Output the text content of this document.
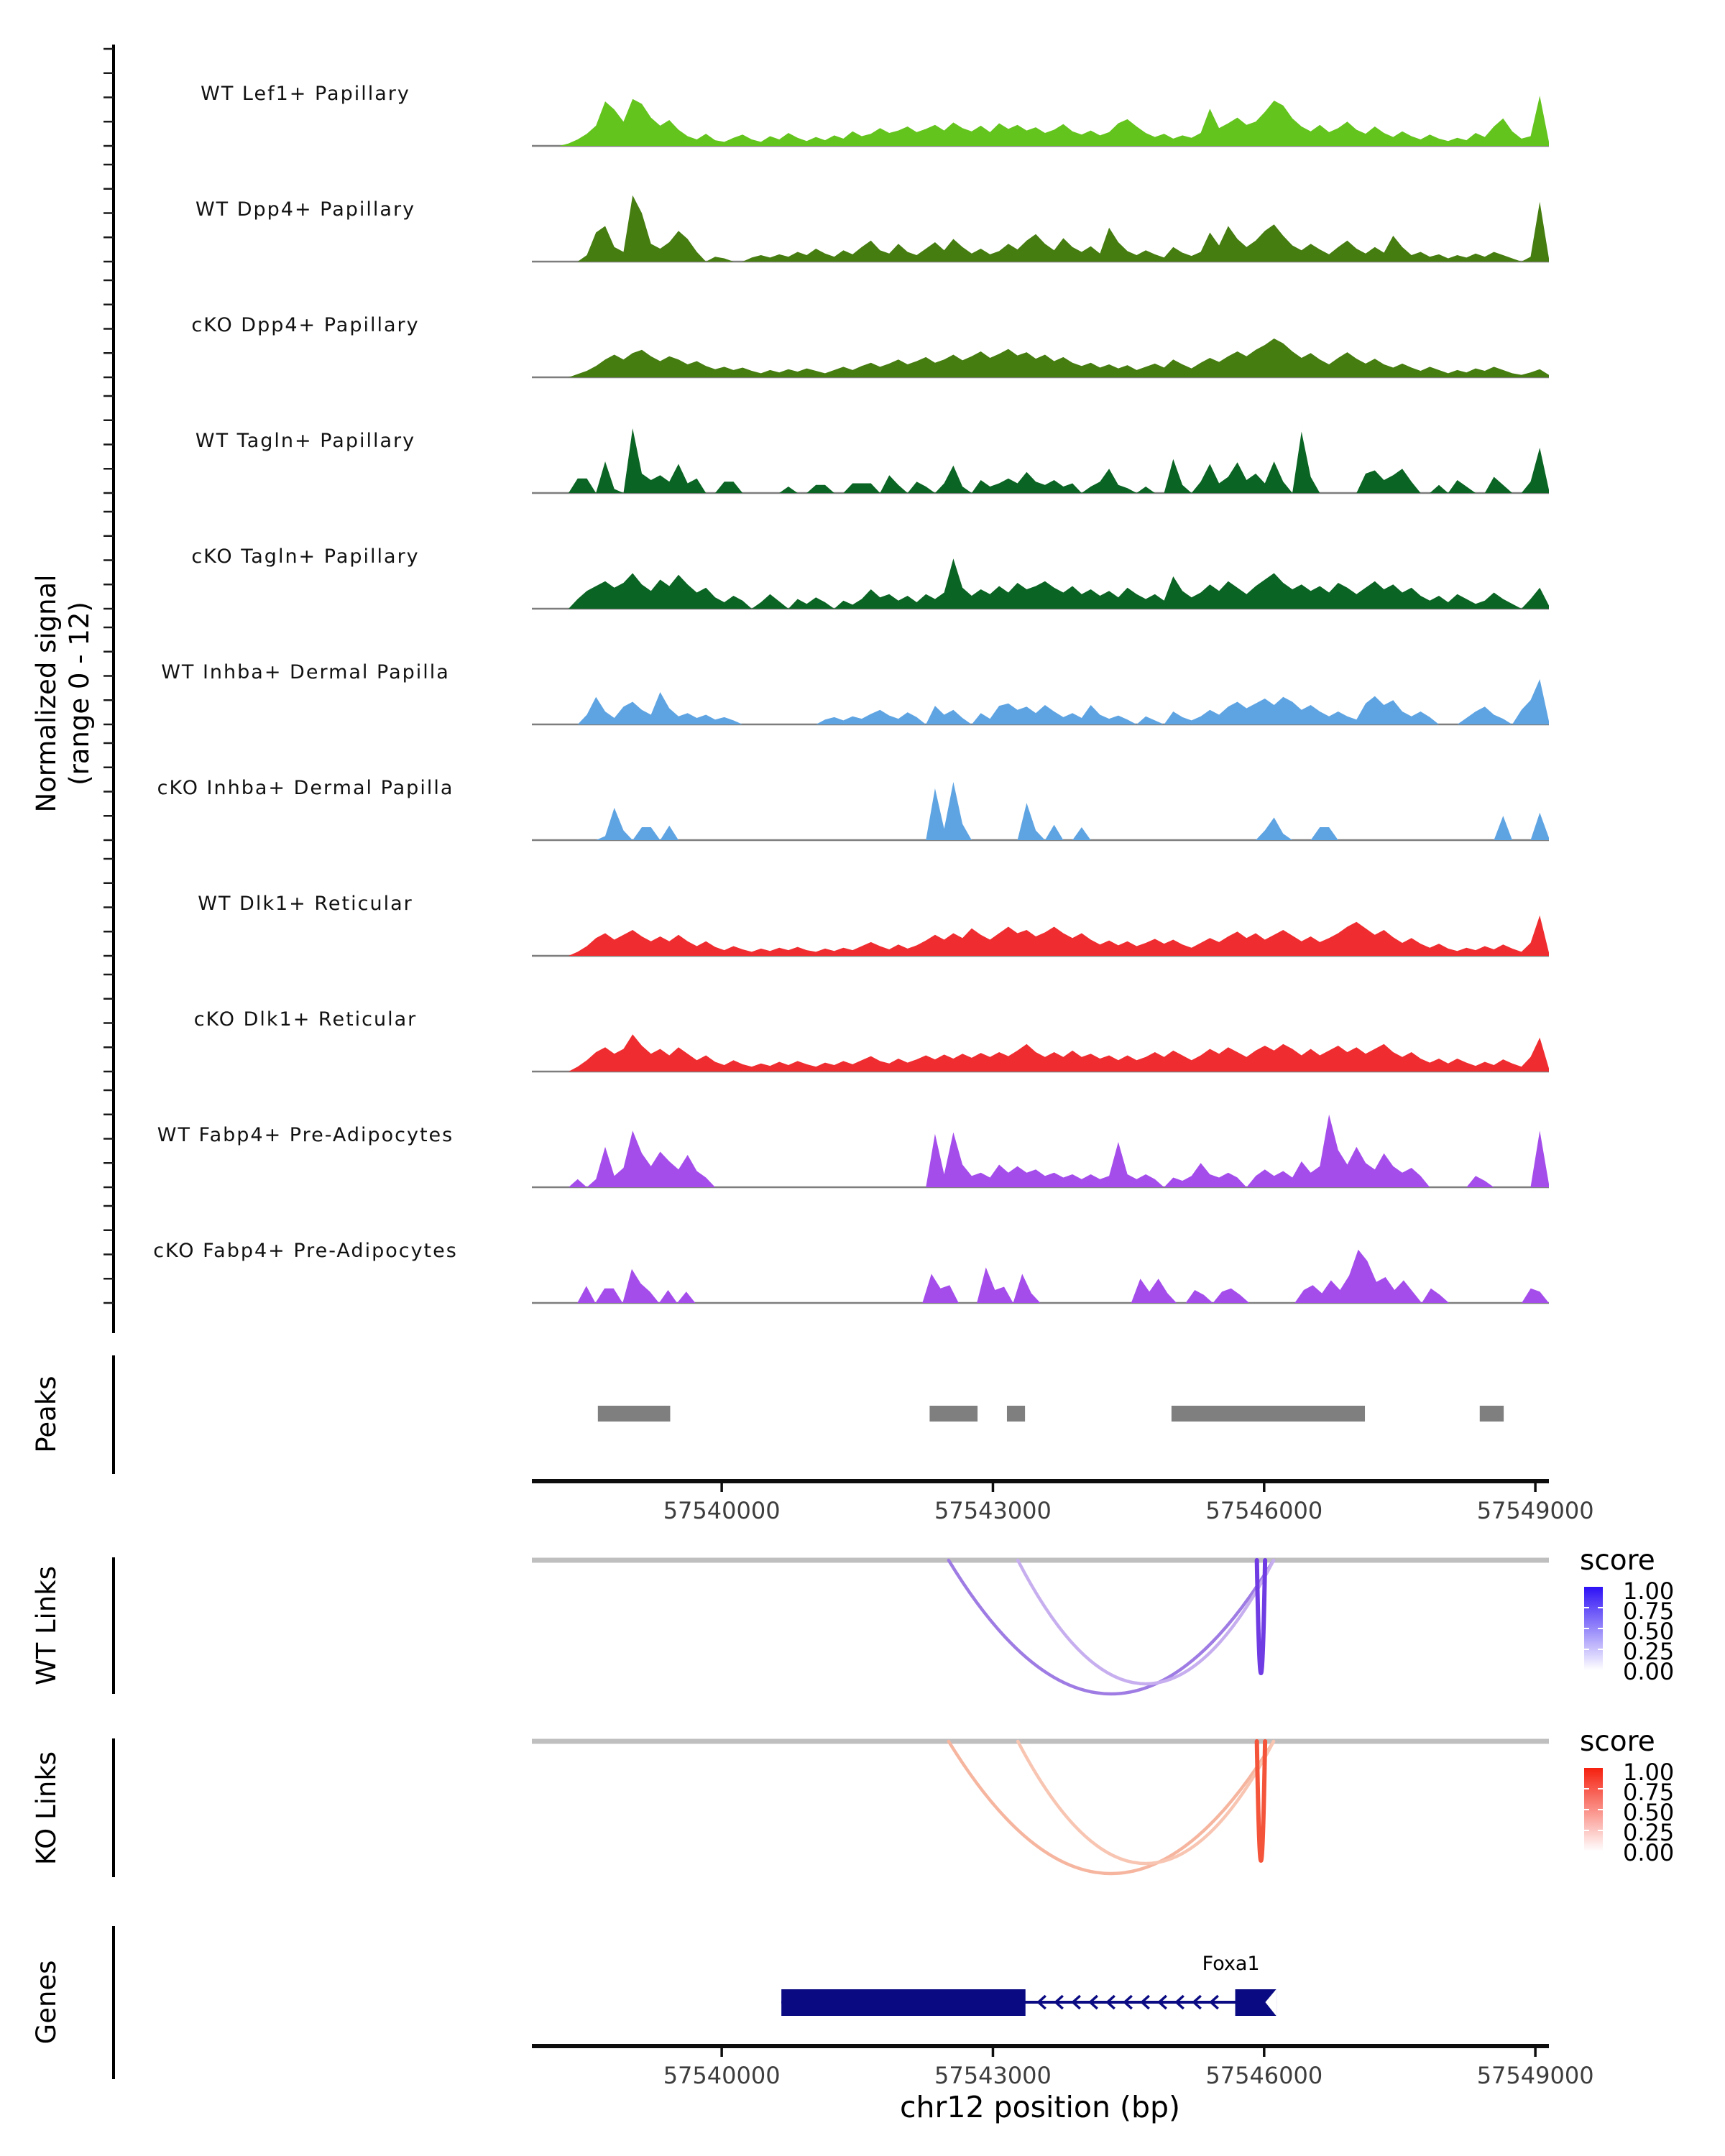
Normalized signal (range 0 - 12)
Peaks
WT Links
KO Links
Genes
WT Lef1+ Papillary
WT Dpp4+ Papillary
cKO Dpp4+ Papillary
WT Tagln+ Papillary
cKO Tagln+ Papillary
WT Inhba+ Dermal Papilla
cKO Inhba+ Dermal Papilla
WT Dlk1+ Reticular
cKO Dlk1+ Reticular
WT Fabp4+ Pre-Adipocytes
cKO Fabp4+ Pre-Adipocytes
chr12 position (bp)
57540000	57543000	57546000	57549000
57540000	57543000	57546000	57549000
score
1.00
0.75
0.50
0.25
0.00
score
1.00
0.75
0.50
0.25
0.00
Foxa1
